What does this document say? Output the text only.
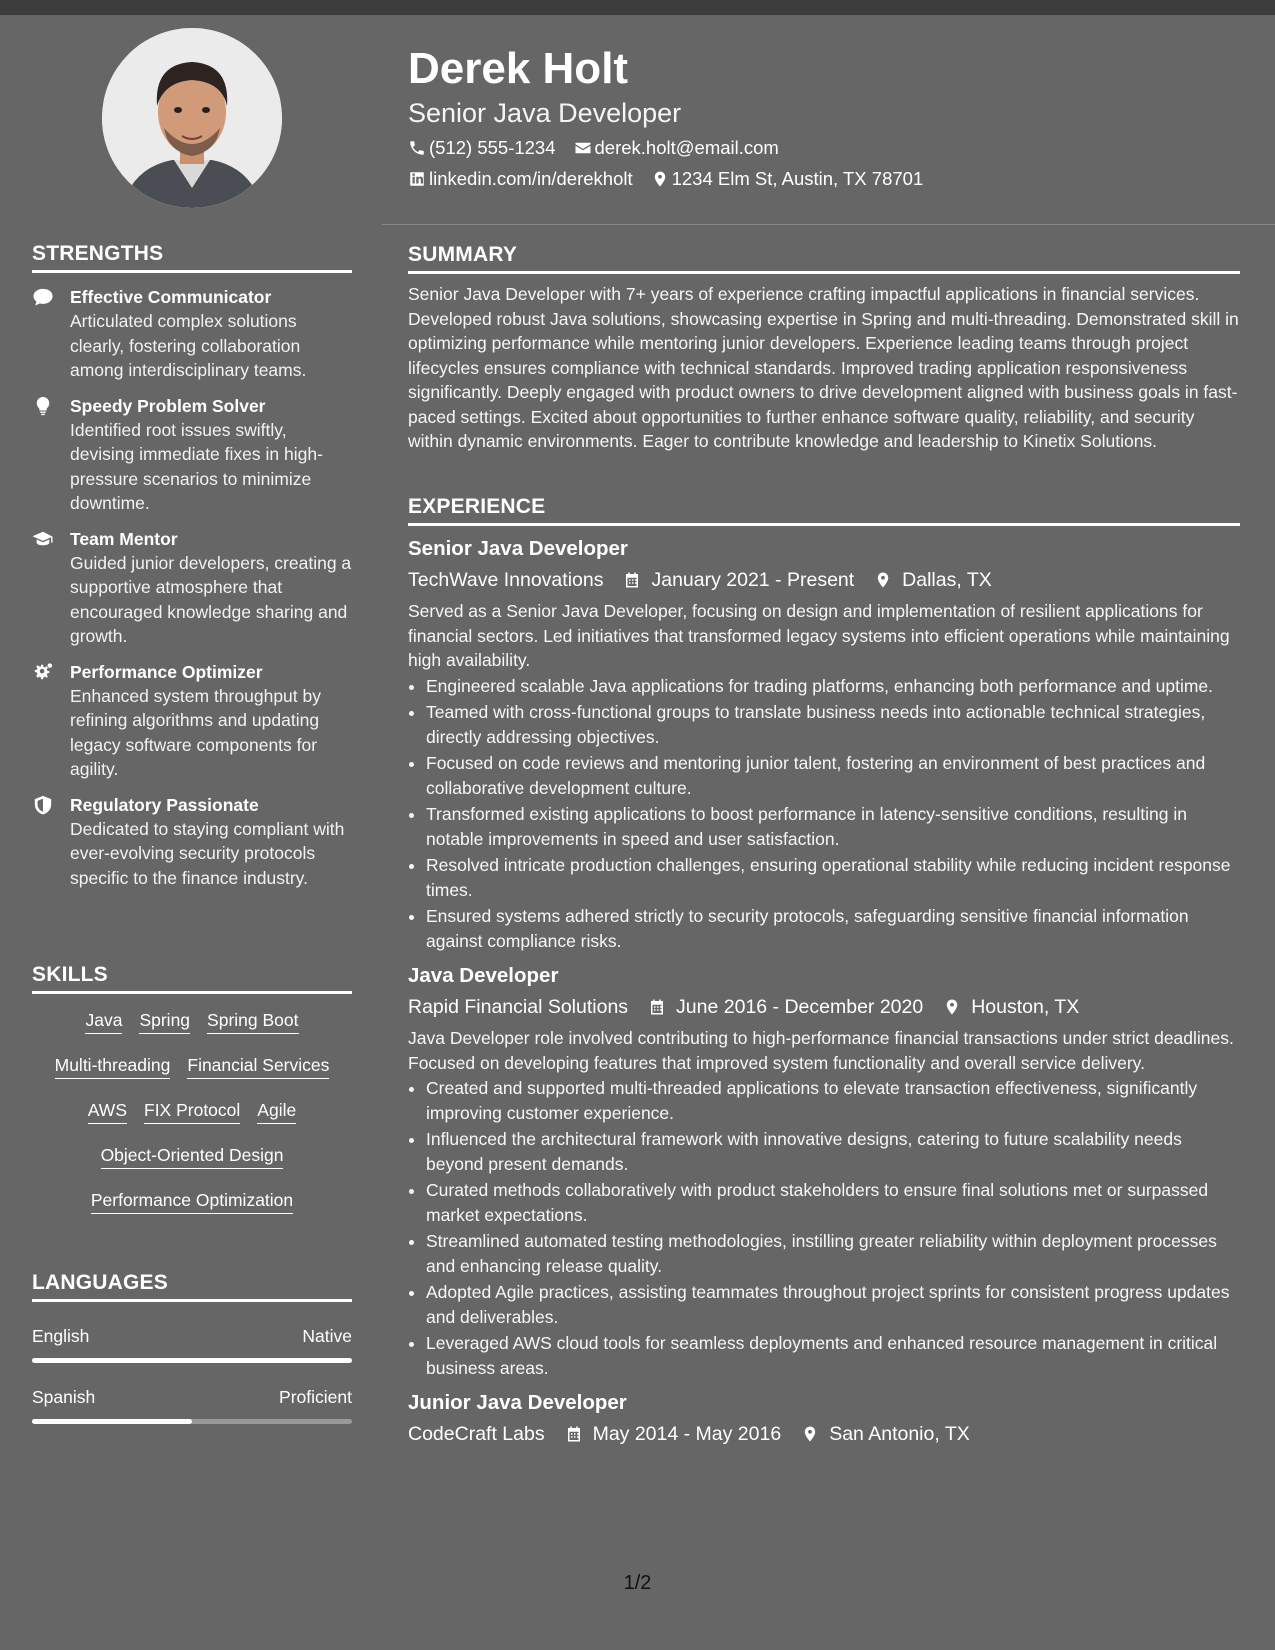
STRENGTHS
Effective Communicator
Articulated complex solutions clearly, fostering collaboration among interdisciplinary teams.
Speedy Problem Solver
Identified root issues swiftly, devising immediate fixes in high-pressure scenarios to minimize downtime.
Team Mentor
Guided junior developers, creating a supportive atmosphere that encouraged knowledge sharing and growth.
Performance Optimizer
Enhanced system throughput by refining algorithms and updating legacy software components for agility.
Regulatory Passionate
Dedicated to staying compliant with ever-evolving security protocols specific to the finance industry.
SKILLS
Java Spring Spring Boot
Multi-threading Financial Services
AWS FIX Protocol Agile
Object-Oriented Design
Performance Optimization
LANGUAGES
English	Native
Spanish	Proficient
Derek Holt
Senior Java Developer
(512) 555-1234 derek.holt@email.com
linkedin.com/in/derekholt 1234 Elm St, Austin, TX 78701
SUMMARY
Senior Java Developer with 7+ years of experience crafting impactful applications in financial services. Developed robust Java solutions, showcasing expertise in Spring and multi-threading. Demonstrated skill in optimizing performance while mentoring junior developers. Experience leading teams through project lifecycles ensures compliance with technical standards. Improved trading application responsiveness significantly. Deeply engaged with product owners to drive development aligned with business goals in fast-paced settings. Excited about opportunities to further enhance software quality, reliability, and security within dynamic environments. Eager to contribute knowledge and leadership to Kinetix Solutions.
EXPERIENCE
Senior Java Developer
TechWave Innovations January 2021 - Present Dallas, TX
Served as a Senior Java Developer, focusing on design and implementation of resilient applications for financial sectors. Led initiatives that transformed legacy systems into efficient operations while maintaining high availability.
• Engineered scalable Java applications for trading platforms, enhancing both performance and uptime.
• Teamed with cross-functional groups to translate business needs into actionable technical strategies, directly addressing objectives.
• Focused on code reviews and mentoring junior talent, fostering an environment of best practices and collaborative development culture.
• Transformed existing applications to boost performance in latency-sensitive conditions, resulting in notable improvements in speed and user satisfaction.
• Resolved intricate production challenges, ensuring operational stability while reducing incident response times.
• Ensured systems adhered strictly to security protocols, safeguarding sensitive financial information against compliance risks.
Java Developer
Rapid Financial Solutions June 2016 - December 2020 Houston, TX
Java Developer role involved contributing to high-performance financial transactions under strict deadlines. Focused on developing features that improved system functionality and overall service delivery.
• Created and supported multi-threaded applications to elevate transaction effectiveness, significantly improving customer experience.
• Influenced the architectural framework with innovative designs, catering to future scalability needs beyond present demands.
• Curated methods collaboratively with product stakeholders to ensure final solutions met or surpassed market expectations.
• Streamlined automated testing methodologies, instilling greater reliability within deployment processes and enhancing release quality.
• Adopted Agile practices, assisting teammates throughout project sprints for consistent progress updates and deliverables.
• Leveraged AWS cloud tools for seamless deployments and enhanced resource management in critical business areas.
Junior Java Developer
CodeCraft Labs May 2014 - May 2016 San Antonio, TX
1/2
